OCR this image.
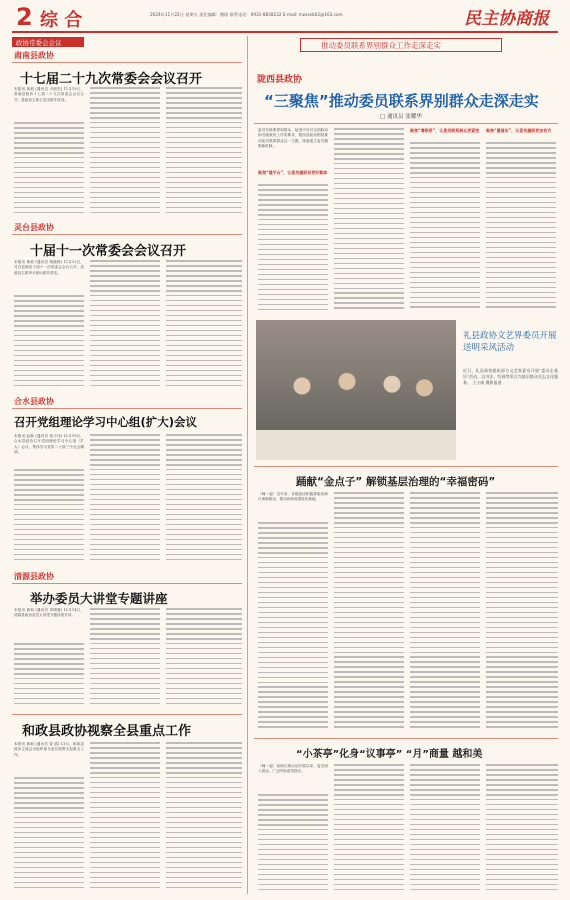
2 综 合	2024年11月22日 星期五 责任编辑：熊阳 联系电话：0931-8838232 E-mail: mzxxsb02@163.com	民主协商报
政协常委会会议
肃南县政协
十七届二十九次常委会会议召开
本报讯 黄莉 (通讯员 尹丽杰) 11月19日，肃南县政协十七届二十九次常委会会议召开，县政协主席王浩出席并讲话。
灵台县政协
十届十一次常委会会议召开
本报讯 黄莉 (通讯员 杨继锐) 11月12日，灵台县政协十届十一次常委会会议召开，县政协主席李永林出席并讲话。
合水县政协
召开党组理论学习中心组(扩大)会议
本报讯 赵焕 (通讯员 高子玮) 11月19日，合水县政协召开党组理论学习中心组（扩大）会议，集体学习党的二十届三中全会精神。
清源县政协
举办委员大讲堂专题讲座
本报讯 黄莉 (通讯员 刘增强) 11月14日，清源县政协委员大讲堂专题讲座开讲。
和政县政协视察全县重点工作
本报讯 黄莉 (通讯员 曾 鸥) 11月，和政县政协主席会议组织部分委员视察全县重点工作。
推动委员联系界别群众工作走深走实
陇西县政协
“三聚焦”推动委员联系界别群众走深走实
□ 通讯员 张耀华
委员有联系界别群众、接受中央对全国政协和各级政协工作的要求，陇西县政协围绕推动委员联系群众这一主题，探索建立委员履职新机制。
聚焦“建平台”，让委员履职有更好载体
聚焦“增联系”，让委员联系群众更紧密 聚焦“重落实”，让委员履职更加有为
礼县政协文艺界委员开展送明采风活动
近日，礼县政协组织部分文艺界委员开展“委员走基层”活动，以书法、绘画等形式为基层群众送去文化服务。 王小威 摄影报道
踊献“金点子” 解锁基层治理的“幸福密码”
（峰一起）近年来，各级政协积极探索协商议事新路径，推动协商成果转化落地。
“小茶亭”化身“议事亭” “月”商量 越和美
（峰一起）协商议事活动开展以来，委员深入群众，广泛听取意见建议。
